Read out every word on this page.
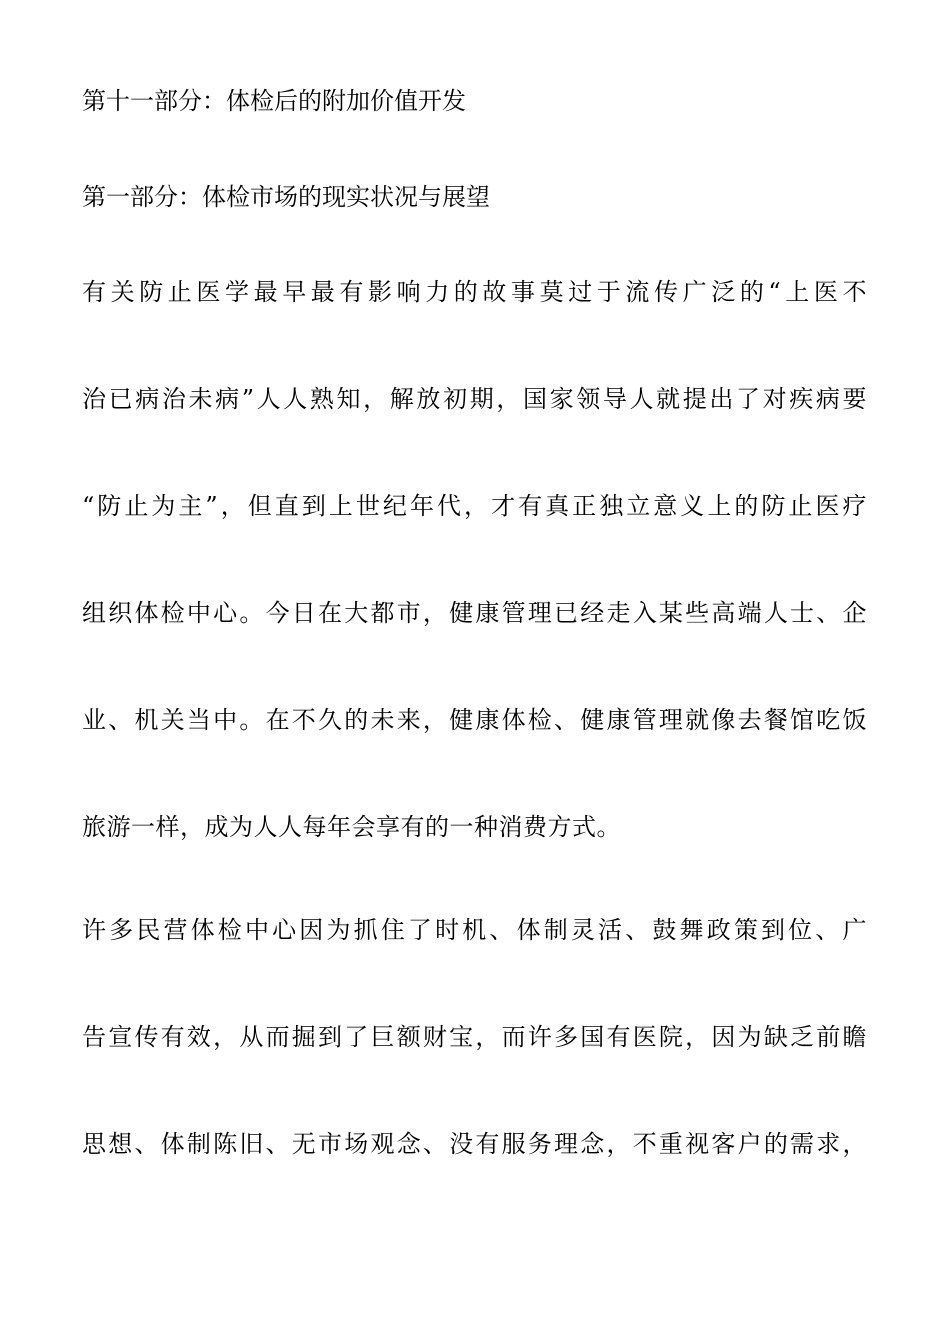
第十一部分：体检后的附加价值开发
第一部分：体检市场的现实状况与展望
有关防止医学最早最有影响力的故事莫过于流传广泛的“上医不
治已病治未病”人人熟知，解放初期，国家领导人就提出了对疾病要
“防止为主”，但直到上世纪年代，才有真正独立意义上的防止医疗
组织体检中心。今日在大都市，健康管理已经走入某些高端人士、企
业、机关当中。在不久的未来，健康体检、健康管理就像去餐馆吃饭
旅游一样，成为人人每年会享有的一种消费方式。
许多民营体检中心因为抓住了时机、体制灵活、鼓舞政策到位、广
告宣传有效，从而掘到了巨额财宝，而许多国有医院，因为缺乏前瞻
思想、体制陈旧、无市场观念、没有服务理念，不重视客户的需求，
